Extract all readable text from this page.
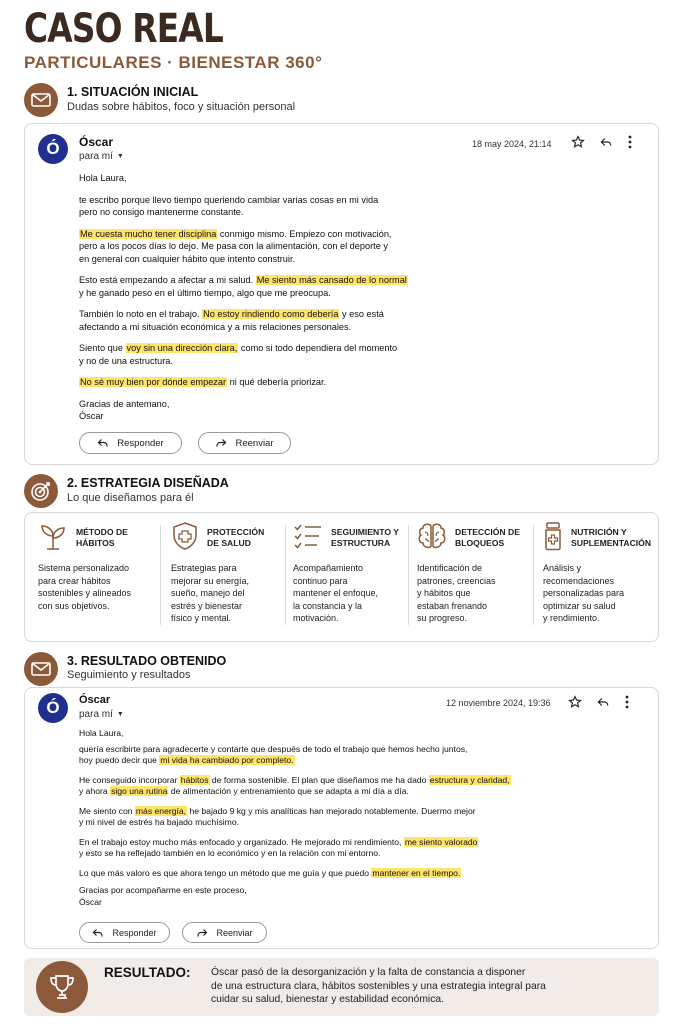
CASO REAL
PARTICULARES · BIENESTAR 360°
1. SITUACIÓN INICIAL
Dudas sobre hábitos, foco y situación personal
Ó	Óscar
para mí ▼
18 may 2024, 21:14

Hola Laura,

te escribo porque llevo tiempo queriendo cambiar varias cosas en mi vida
pero no consigo mantenerme constante.

Me cuesta mucho tener disciplina conmigo mismo. Empiezo con motivación,
pero a los pocos días lo dejo. Me pasa con la alimentación, con el deporte y
en general con cualquier hábito que intento construir.

Esto está empezando a afectar a mi salud. Me siento más cansado de lo normal
y he ganado peso en el último tiempo, algo que me preocupa.

También lo noto en el trabajo. No estoy rindiendo como debería y eso está
afectando a mi situación económica y a mis relaciones personales.

Siento que voy sin una dirección clara, como si todo dependiera del momento
y no de una estructura.

No sé muy bien por dónde empezar ni qué debería priorizar.

Gracias de antemano,
Óscar

Responder	Reenviar
2. ESTRATEGIA DISEÑADA
Lo que diseñamos para él
MÉTODO DE
HÁBITOS
Sistema personalizado
para crear hábitos
sostenibles y alineados
con sus objetivos.
PROTECCIÓN
DE SALUD
Estrategias para
mejorar su energía,
sueño, manejo del
estrés y bienestar
físico y mental.
SEGUIMIENTO Y
ESTRUCTURA
Acompañamiento
continuo para
mantener el enfoque,
la constancia y la
motivación.
DETECCIÓN DE
BLOQUEOS
Identificación de
patrones, creencias
y hábitos que
estaban frenando
su progreso.
NUTRICIÓN Y
SUPLEMENTACIÓN
Análisis y
recomendaciones
personalizadas para
optimizar su salud
y rendimiento.
3. RESULTADO OBTENIDO
Seguimiento y resultados
Ó	Óscar
para mí ▼
12 noviembre 2024, 19:36

Hola Laura,

quería escribirte para agradecerte y contarte que después de todo el trabajo que hemos hecho juntos,
hoy puedo decir que mi vida ha cambiado por completo.

He conseguido incorporar hábitos de forma sostenible. El plan que diseñamos me ha dado estructura y claridad,
y ahora sigo una rutina de alimentación y entrenamiento que se adapta a mi día a día.

Me siento con más energía, he bajado 9 kg y mis analíticas han mejorado notablemente. Duermo mejor
y mi nivel de estrés ha bajado muchísimo.

En el trabajo estoy mucho más enfocado y organizado. He mejorado mi rendimiento, me siento valorado
y esto se ha reflejado también en lo económico y en la relación con mi entorno.

Lo que más valoro es que ahora tengo un método que me guía y que puedo mantener en el tiempo.

Gracias por acompañarme en este proceso,
Óscar

Responder	Reenviar
RESULTADO: Óscar pasó de la desorganización y la falta de constancia a disponer
de una estructura clara, hábitos sostenibles y una estrategia integral para
cuidar su salud, bienestar y estabilidad económica.
